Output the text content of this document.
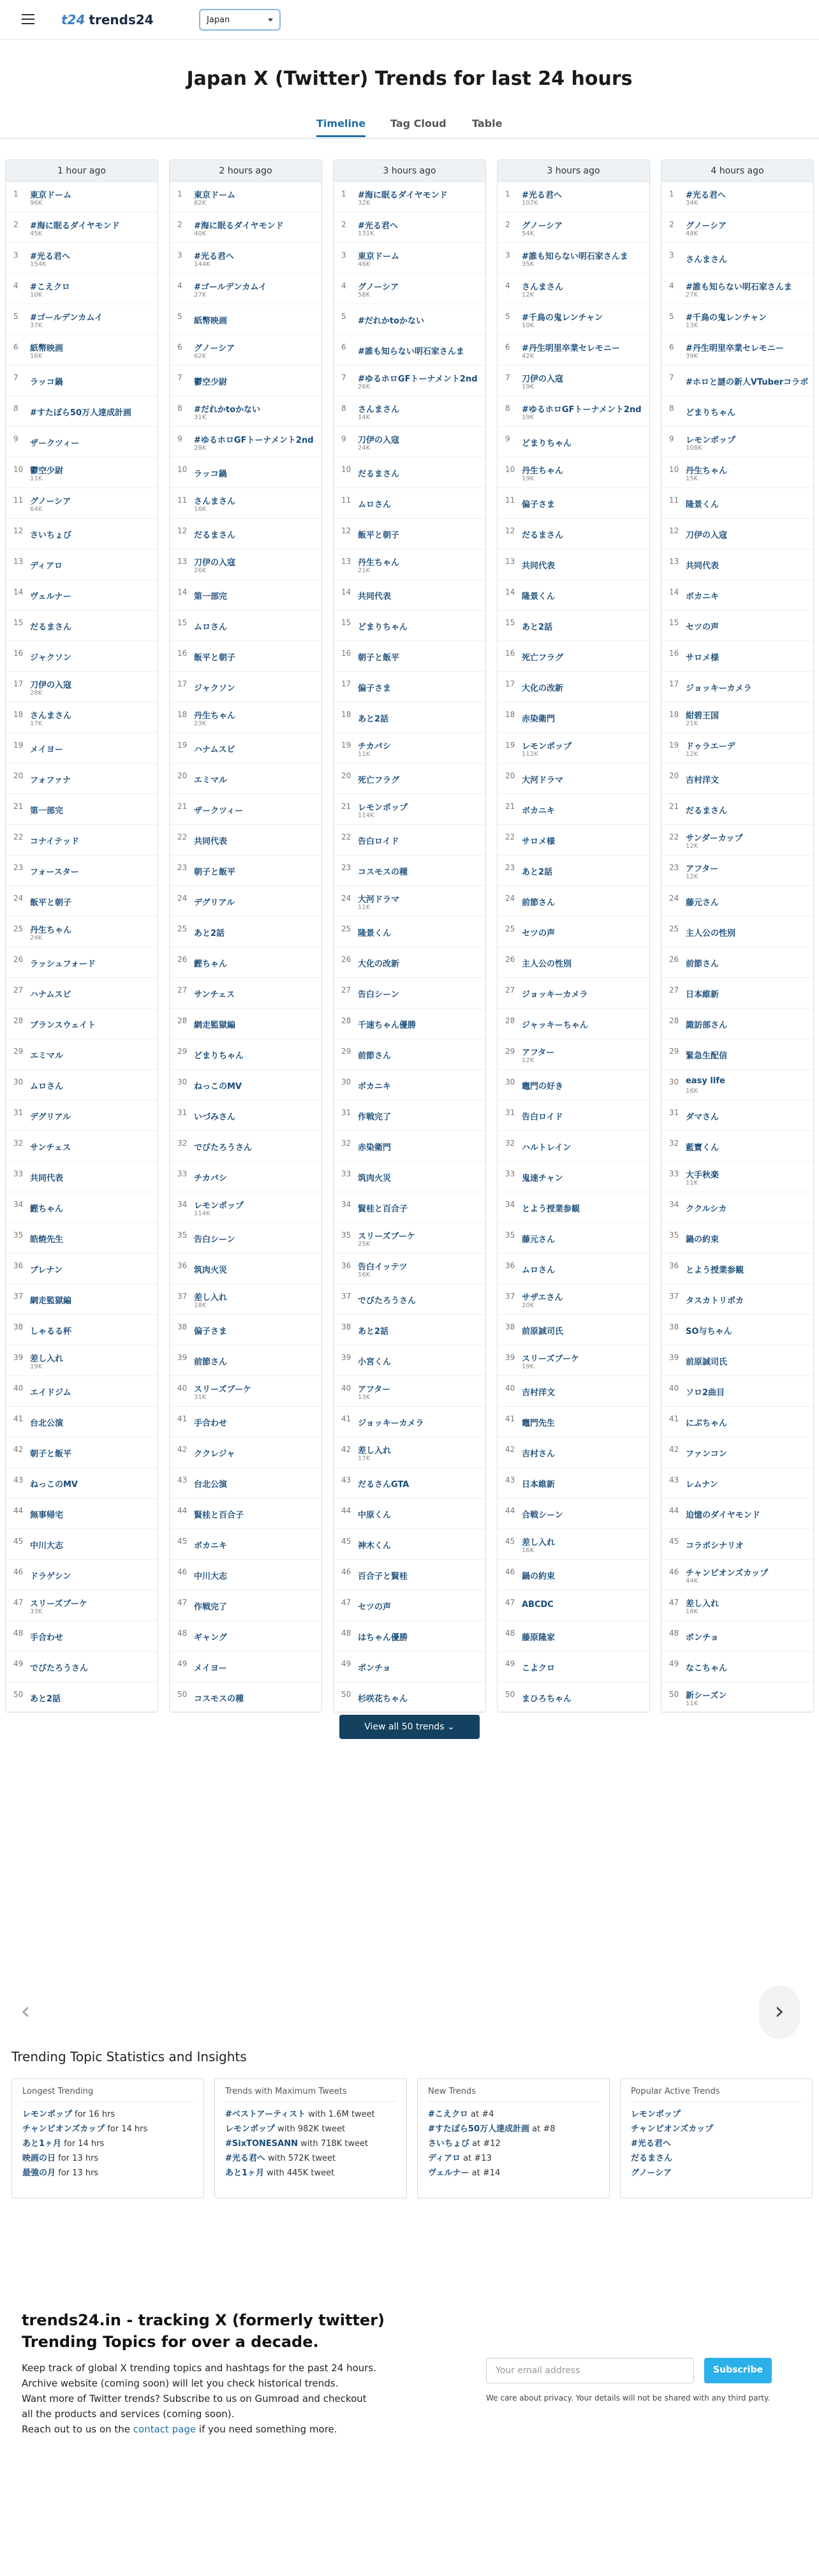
t24 trends24	Japan
Japan X (Twitter) Trends for last 24 hours
Timeline Tag Cloud	Table
1 hour ago
1	東京ドーム
96K
2	#海に眠るダイヤモンド
45K
3	#光る君へ
154K
4	#こえクロ
10K
5	#ゴールデンカムイ
37K
6	紙幣映画
16K
7	ラッコ鍋
8	#すたぽら50万人達成計画
9	ザークツィー
10 鬱空少尉
11K
11 グノーシア
64K
12 さいちょび
13 ディアロ
14 ヴェルナー
15 だるまさん
16 ジャクソン
17 刀伊の入寇
28K
18 さんまさん
17K
19 メイヨー
20 フォファナ
21 第一部完
22 コナイテッド
23 フォースター
24 飯平と朝子
25 丹生ちゃん
24K
26 ラッシュフォード
27 ハナムスビ
28 ブランスウェイト
29 エミマル
30 ムロさん
31 デグリアル
32 サンチェス
33 共同代表
34 鰹ちゃん
35 皓焼先生
36 ブレナン
37 網走監獄編
38 しゃるる杯
39 差し入れ
19K
40 エイドジム
41 台北公演
42 朝子と飯平
43 ねっこのMV
44 無事帰宅
45 中川大志
46 ドラゲシン
47 スリーズブーケ
33K
48 手合わせ
49 でびたろうさん
50 あと2話
2 hours ago
1	東京ドーム
82K
2	#海に眠るダイヤモンド
40K
3	#光る君へ
144K
4	#ゴールデンカムイ
27K
5	紙幣映画
6	グノーシア
62K
7	鬱空少尉
8	#だれかtoかない
31K
9	#ゆるホロGFトーナメント2nd
28K
10 ラッコ鍋
11 さんまさん
16K
12 だるまさん
13 刀伊の入寇
26K
14 第一部完
15 ムロさん
16 飯平と朝子
17 ジャクソン
18 丹生ちゃん
23K
19 ハナムスビ
20 エミマル
21 ザークツィー
22 共同代表
23 朝子と飯平
24 デグリアル
25 あと2話
26 鰹ちゃん
27 サンチェス
28 網走監獄編
29 どまりちゃん
30 ねっこのMV
31 いづみさん
32 でびたろうさん
33 チカパシ
34 レモンポップ
114K
35 告白シーン
36 筑肉火災
37 差し入れ
18K
38 偏子さま
39 前節さん
40 スリーズブーケ
31K
41 手合わせ
42 ククレジャ
43 台北公演
44 賢桂と百合子
45 ボカニキ
46 中川大志
47 作戦完了
48 ギャング
49 メイヨー
50 コスモスの種
3 hours ago
1	#海に眠るダイヤモンド
32K
2	#光る君へ
131K
3	東京ドーム
46K
4	グノーシア
58K
5	#だれかtoかない
6	#誰も知らない明石家さんま
7	#ゆるホロGFトーナメント2nd
26K
8	さんまさん
14K
9	刀伊の入寇
24K
10 だるまさん
11 ムロさん
12 飯平と朝子
13 丹生ちゃん
21K
14 共同代表
15 どまりちゃん
16 朝子と飯平
17 偏子さま
18 あと2話
19 チカパシ
11K
20 死亡フラグ
21 レモンポップ
114K
22 告白ロイド
23 コスモスの種
24 大河ドラマ
11K
25 隆景くん
26 大化の改新
27 告白シーン
28 千速ちゃん優勝
29 前節さん
30 ボカニキ
31 作戦完了
32 赤染衛門
33 筑肉火災
34 賢桂と百合子
35 スリーズブーケ
25K
36 告白イッテツ
16K
37 でびたろうさん
38 あと2話
39 小宮くん
40 アフター
13K
41 ジョッキーカメラ
42 差し入れ
17K
43 だるさんGTA
44 中原くん
45 神木くん
46 百合子と賢桂
47 セツの声
48 はちゃん優勝
49 ポンチョ
50 杉咲花ちゃん
3 hours ago
1	#光る君へ
107K
2	グノーシア
54K
3	#誰も知らない明石家さんま
35K
4	さんまさん
12K
5	#千鳥の鬼レンチャン
10K
6	#丹生明里卒業セレモニー
42K
7	刀伊の入寇
19K
8	#ゆるホロGFトーナメント2nd
19K
9	どまりちゃん
10 丹生ちゃん
19K
11 偏子さま
12 だるまさん
13 共同代表
14 隆景くん
15 あと2話
16 死亡フラグ
17 大化の改新
18 赤染衛門
19 レモンポップ
112K
20 大河ドラマ
21 ボカニキ
22 サロメ様
23 あと2話
24 前節さん
25 セツの声
26 主人公の性別
27 ジョッキーカメラ
28 ジャッキーちゃん
29 アフター
12K
30 竈門の好き
31 告白ロイド
32 ハルトレイン
33 鬼速チャン
34 とよう授業参観
35 藤元さん
36 ムロさん
37 サザエさん
20K
38 前原誠司氏
39 スリーズブーケ
19K
40 吉村洋文
41 竈門先生
42 吉村さん
43 日本維新
44 合戦シーン
45 差し入れ
16K
46 鍋の約束
47 ABCDC
48 藤原隆家
49 こよクロ
50 まひろちゃん
4 hours ago
1	#光る君へ
34K
2	グノーシア
48K
3	さんまさん
4	#誰も知らない明石家さんま
27K
5	#千鳥の鬼レンチャン
13K
6	#丹生明里卒業セレモニー
39K
7	#ホロと謎の新人VTuberコラボ
8	どまりちゃん
9	レモンポップ
108K
10 丹生ちゃん
15K
11 隆景くん
12 刀伊の入寇
13 共同代表
14 ボカニキ
15 セツの声
16 サロメ様
17 ジョッキーカメラ
18 紺碧王国
21K
19 ドゥラエーデ
12K
20 吉村洋文
21 だるまさん
22 サンダーカップ
12K
23 アフター
12K
24 藤元さん
25 主人公の性別
26 前節さん
27 日本維新
28 諏訪部さん
29 緊急生配信
30 easy life
16K
31 ダマさん
32 藍寶くん
33 大手秋楽
11K
34 ククルシカ
35 鍋の約束
36 とよう授業参観
37 タスカトリポカ
38 SO与ちゃん
39 前原誠司氏
40 ソロ2曲目
41 にぷちゃん
42 ファンコン
43 レムナン
44 迫憶のダイヤモンド
45 コラボシナリオ
46 チャンピオンズカップ
44K
47 差し入れ
16K
48 ポンチョ
49 なこちゃん
50 新シーズン
11K
View all 50 trends ⌄
‹	›
Trending Topic Statistics and Insights
Longest Trending
レモンポップ for 16 hrs
チャンピオンズカップ for 14 hrs
あと1ヶ月 for 14 hrs
映画の日 for 13 hrs
最強の月 for 13 hrs
Trends with Maximum Tweets
#ベストアーティスト with 1.6M tweet
レモンポップ with 982K tweet
#SixTONESANN with 718K tweet
#光る君へ with 572K tweet
あと1ヶ月 with 445K tweet
New Trends
#こえクロ at #4
#すたぽら50万人達成計画 at #8
さいちょび at #12
ディアロ at #13
ヴェルナー at #14
Popular Active Trends
レモンポップ
チャンピオンズカップ
#光る君へ
だるまさん
グノーシア
trends24.in - tracking X (formerly twitter) Trending Topics for over a decade.
Keep track of global X trending topics and hashtags for the past 24 hours.
Archive website (coming soon) will let you check historical trends.
Want more of Twitter trends? Subscribe to us on Gumroad and checkout all the products and services (coming soon).
Reach out to us on the contact page if you need something more.
Your email address	Subscribe
We care about privacy. Your details will not be shared with any third party.
